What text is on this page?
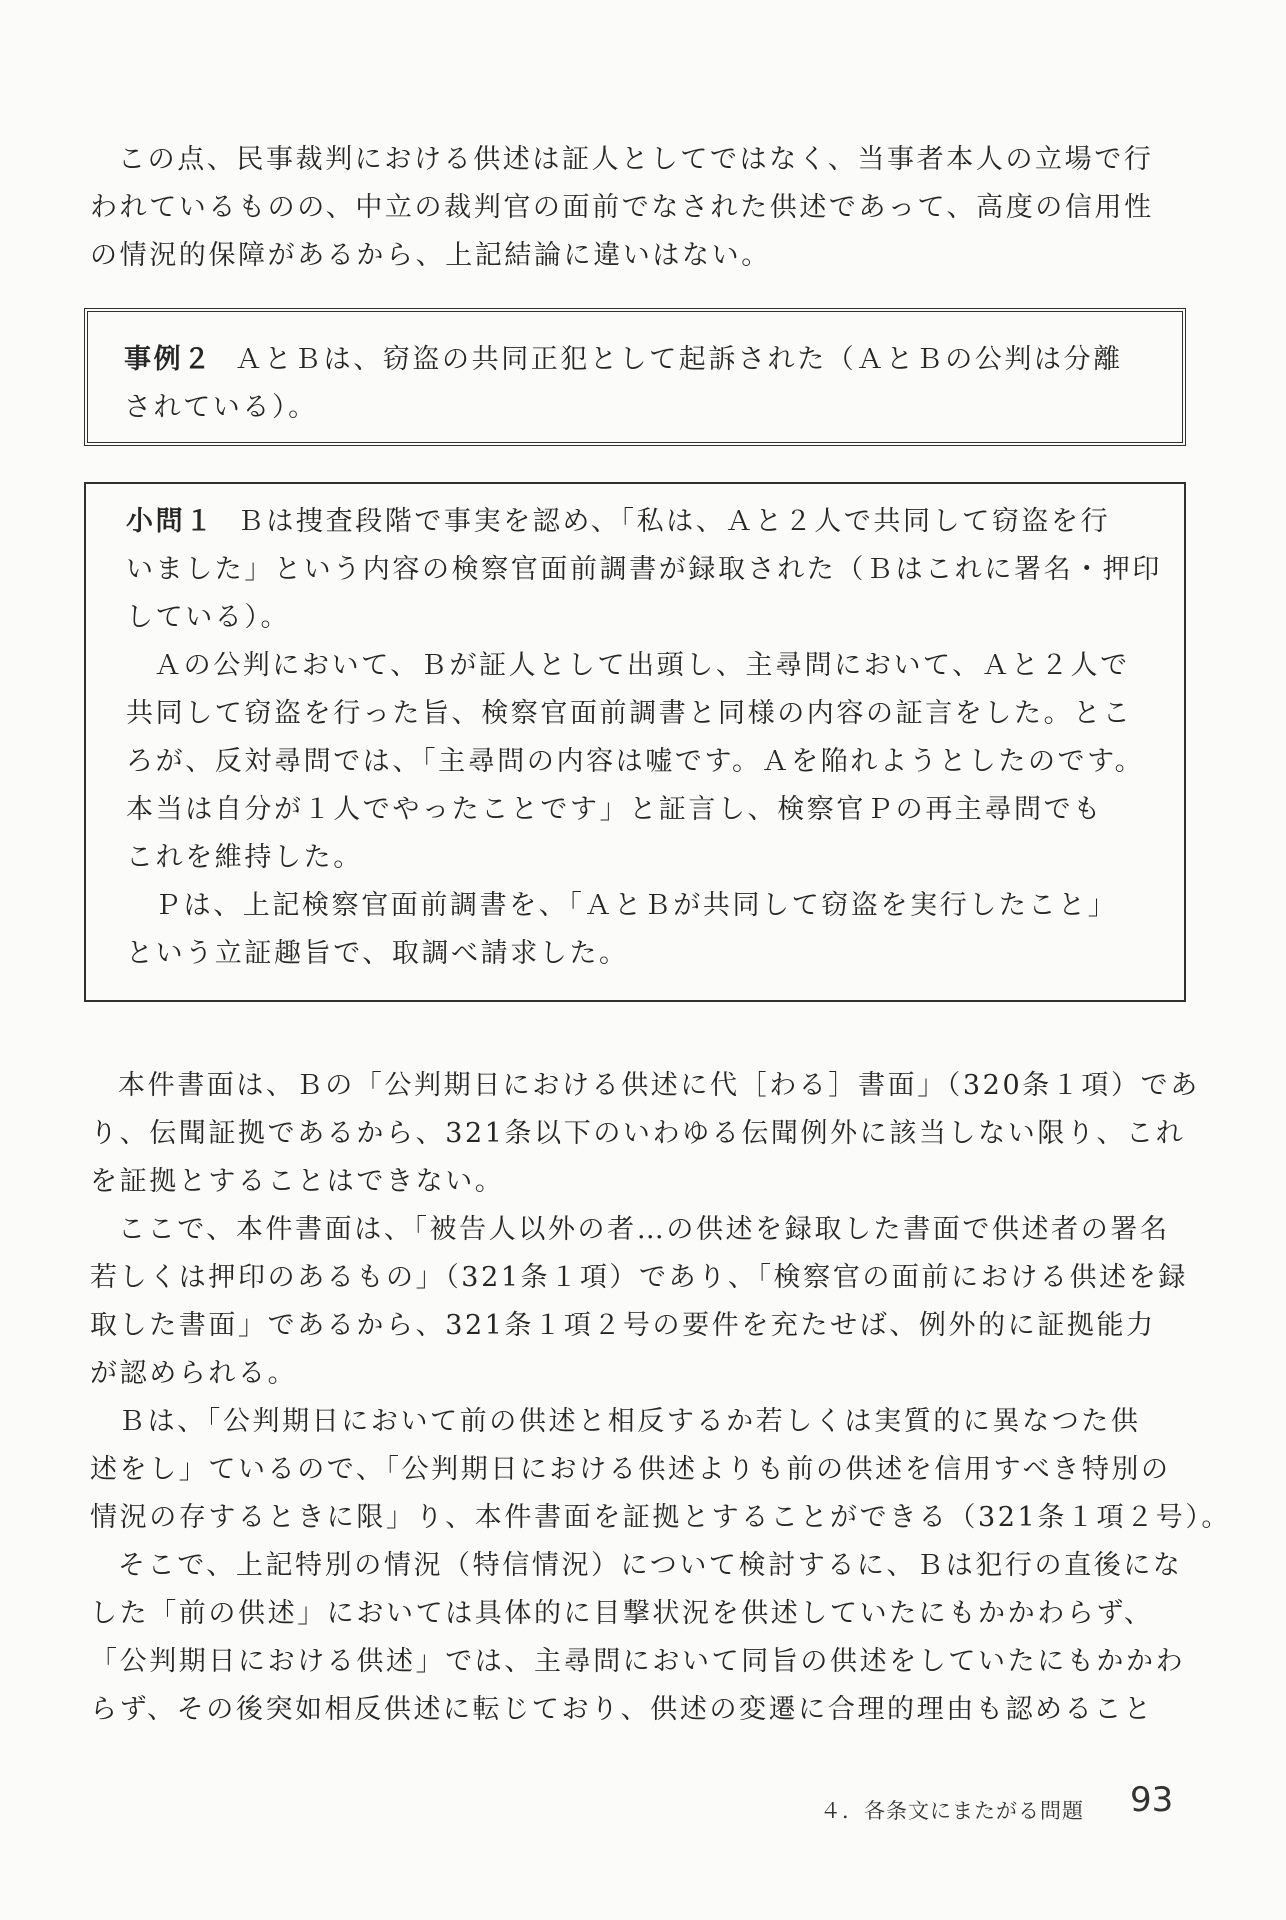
この点、民事裁判における供述は証人としてではなく、当事者本人の立場で行
われているものの、中立の裁判官の面前でなされた供述であって、高度の信用性
の情況的保障があるから、上記結論に違いはない。
事例２ ＡとＢは、窃盗の共同正犯として起訴された（ＡとＢの公判は分離
されている）。
小問１ Ｂは捜査段階で事実を認め、「私は、Ａと２人で共同して窃盗を行
いました」という内容の検察官面前調書が録取された（Ｂはこれに署名・押印
している）。
Ａの公判において、Ｂが証人として出頭し、主尋問において、Ａと２人で
共同して窃盗を行った旨、検察官面前調書と同様の内容の証言をした。とこ
ろが、反対尋問では、「主尋問の内容は嘘です。Ａを陥れようとしたのです。
本当は自分が１人でやったことです」と証言し、検察官Ｐの再主尋問でも
これを維持した。
Ｐは、上記検察官面前調書を、「ＡとＢが共同して窃盗を実行したこと」
という立証趣旨で、取調べ請求した。
本件書面は、Ｂの「公判期日における供述に代［わる］書面」（320条１項）であ
り、伝聞証拠であるから、321条以下のいわゆる伝聞例外に該当しない限り、これ
を証拠とすることはできない。
ここで、本件書面は、「被告人以外の者…の供述を録取した書面で供述者の署名
若しくは押印のあるもの」（321条１項）であり、「検察官の面前における供述を録
取した書面」であるから、321条１項２号の要件を充たせば、例外的に証拠能力
が認められる。
Ｂは、「公判期日において前の供述と相反するか若しくは実質的に異なつた供
述をし」ているので、「公判期日における供述よりも前の供述を信用すべき特別の
情況の存するときに限」り、本件書面を証拠とすることができる（321条１項２号）。
そこで、上記特別の情況（特信情況）について検討するに、Ｂは犯行の直後にな
した「前の供述」においては具体的に目撃状況を供述していたにもかかわらず、
「公判期日における供述」では、主尋問において同旨の供述をしていたにもかかわ
らず、その後突如相反供述に転じており、供述の変遷に合理的理由も認めること
４．各条文にまたがる問題 93
